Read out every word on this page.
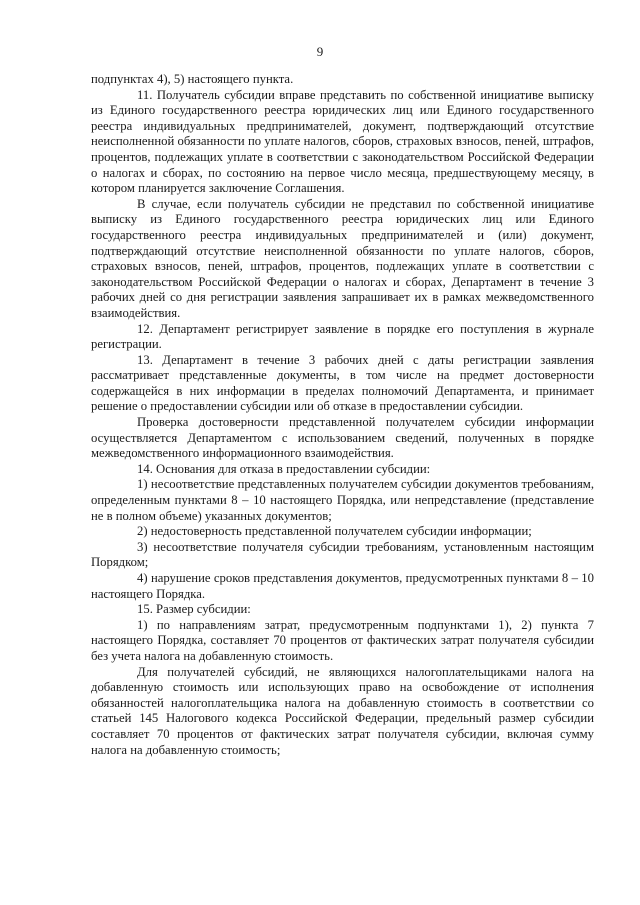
9

подпунктах 4), 5) настоящего пункта.

11. Получатель субсидии вправе представить по собственной инициативе выписку из Единого государственного реестра юридических лиц или Единого государственного реестра индивидуальных предпринимателей, документ, подтверждающий отсутствие неисполненной обязанности по уплате налогов, сборов, страховых взносов, пеней, штрафов, процентов, подлежащих уплате в соответствии с законодательством Российской Федерации о налогах и сборах, по состоянию на первое число месяца, предшествующему месяцу, в котором планируется заключение Соглашения.

В случае, если получатель субсидии не представил по собственной инициативе выписку из Единого государственного реестра юридических лиц или Единого государственного реестра индивидуальных предпринимателей и (или) документ, подтверждающий отсутствие неисполненной обязанности по уплате налогов, сборов, страховых взносов, пеней, штрафов, процентов, подлежащих уплате в соответствии с законодательством Российской Федерации о налогах и сборах, Департамент в течение 3 рабочих дней со дня регистрации заявления запрашивает их в рамках межведомственного взаимодействия.

12. Департамент регистрирует заявление в порядке его поступления в журнале регистрации.

13. Департамент в течение 3 рабочих дней с даты регистрации заявления рассматривает представленные документы, в том числе на предмет достоверности содержащейся в них информации в пределах полномочий Департамента, и принимает решение о предоставлении субсидии или об отказе в предоставлении субсидии.

Проверка достоверности представленной получателем субсидии информации осуществляется Департаментом с использованием сведений, полученных в порядке межведомственного информационного взаимодействия.

14. Основания для отказа в предоставлении субсидии:

1) несоответствие представленных получателем субсидии документов требованиям, определенным пунктами 8 – 10 настоящего Порядка, или непредставление (представление не в полном объеме) указанных документов;

2) недостоверность представленной получателем субсидии информации;

3) несоответствие получателя субсидии требованиям, установленным настоящим Порядком;

4) нарушение сроков представления документов, предусмотренных пунктами 8 – 10 настоящего Порядка.

15. Размер субсидии:

1) по направлениям затрат, предусмотренным подпунктами 1), 2) пункта 7 настоящего Порядка, составляет 70 процентов от фактических затрат получателя субсидии без учета налога на добавленную стоимость.

Для получателей субсидий, не являющихся налогоплательщиками налога на добавленную стоимость или использующих право на освобождение от исполнения обязанностей налогоплательщика налога на добавленную стоимость в соответствии со статьей 145 Налогового кодекса Российской Федерации, предельный размер субсидии составляет 70 процентов от фактических затрат получателя субсидии, включая сумму налога на добавленную стоимость;
